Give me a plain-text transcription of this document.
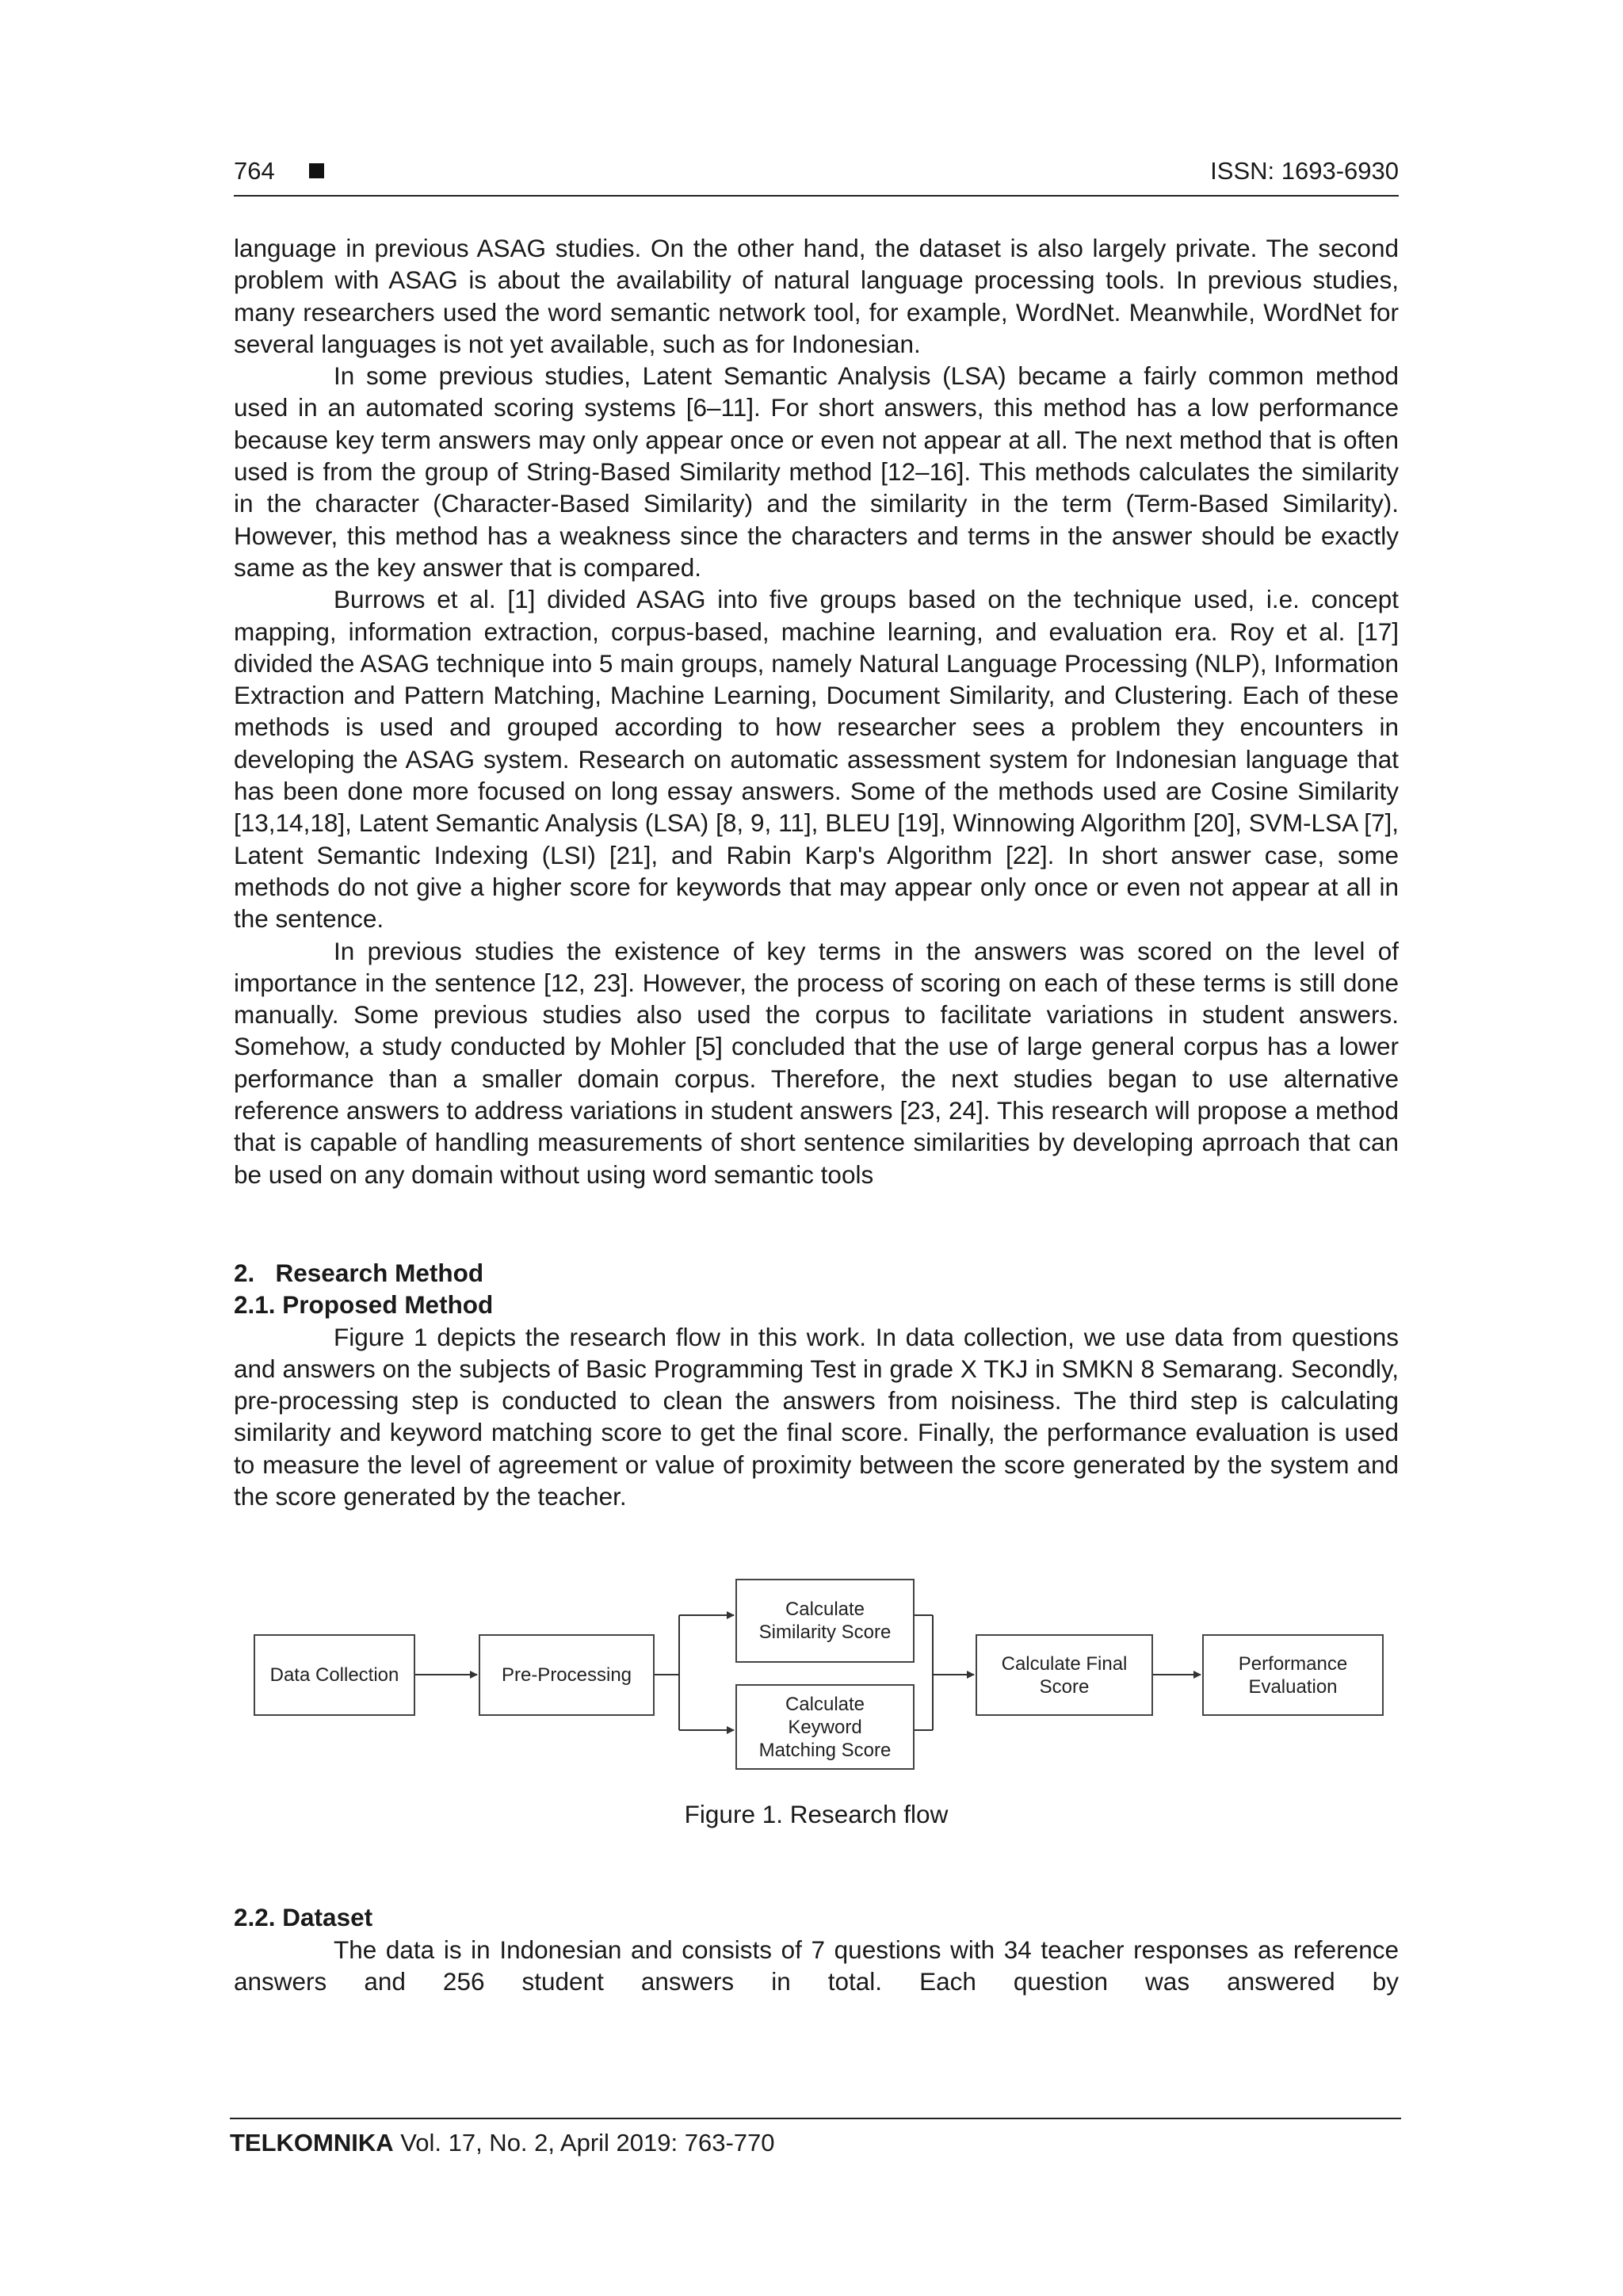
764	ISSN: 1693-6930

language in previous ASAG studies. On the other hand, the dataset is also largely private. The second problem with ASAG is about the availability of natural language processing tools. In previous studies, many researchers used the word semantic network tool, for example, WordNet. Meanwhile, WordNet for several languages is not yet available, such as for Indonesian.

In some previous studies, Latent Semantic Analysis (LSA) became a fairly common method used in an automated scoring systems [6–11]. For short answers, this method has a low performance because key term answers may only appear once or even not appear at all. The next method that is often used is from the group of String-Based Similarity method [12–16]. This methods calculates the similarity in the character (Character-Based Similarity) and the similarity in the term (Term-Based Similarity). However, this method has a weakness since the characters and terms in the answer should be exactly same as the key answer that is compared.

Burrows et al. [1] divided ASAG into five groups based on the technique used, i.e. concept mapping, information extraction, corpus-based, machine learning, and evaluation era. Roy et al. [17] divided the ASAG technique into 5 main groups, namely Natural Language Processing (NLP), Information Extraction and Pattern Matching, Machine Learning, Document Similarity, and Clustering. Each of these methods is used and grouped according to how researcher sees a problem they encounters in developing the ASAG system. Research on automatic assessment system for Indonesian language that has been done more focused on long essay answers. Some of the methods used are Cosine Similarity [13,14,18], Latent Semantic Analysis (LSA) [8, 9, 11], BLEU [19], Winnowing Algorithm [20], SVM-LSA [7], Latent Semantic Indexing (LSI) [21], and Rabin Karp's Algorithm [22]. In short answer case, some methods do not give a higher score for keywords that may appear only once or even not appear at all in the sentence.

In previous studies the existence of key terms in the answers was scored on the level of importance in the sentence [12, 23]. However, the process of scoring on each of these terms is still done manually. Some previous studies also used the corpus to facilitate variations in student answers. Somehow, a study conducted by Mohler [5] concluded that the use of large general corpus has a lower performance than a smaller domain corpus. Therefore, the next studies began to use alternative reference answers to address variations in student answers [23, 24]. This research will propose a method that is capable of handling measurements of short sentence similarities by developing aprroach that can be used on any domain without using word semantic tools

2.   Research Method
2.1. Proposed Method

Figure 1 depicts the research flow in this work. In data collection, we use data from questions and answers on the subjects of Basic Programming Test in grade X TKJ in SMKN 8 Semarang. Secondly, pre-processing step is conducted to clean the answers from noisiness. The third step is calculating similarity and keyword matching score to get the final score. Finally, the performance evaluation is used to measure the level of agreement or value of proximity between the score generated by the system and the score generated by the teacher.

Data Collection	Pre-Processing
Calculate
Similarity Score
Calculate
Keyword
Matching Score
Calculate Final
Score
Performance
Evaluation

Figure 1. Research flow

2.2. Dataset

The data is in Indonesian and consists of 7 questions with 34 teacher responses as reference answers and 256 student answers in total. Each question was answered by

TELKOMNIKA Vol. 17, No. 2, April 2019: 763-770
